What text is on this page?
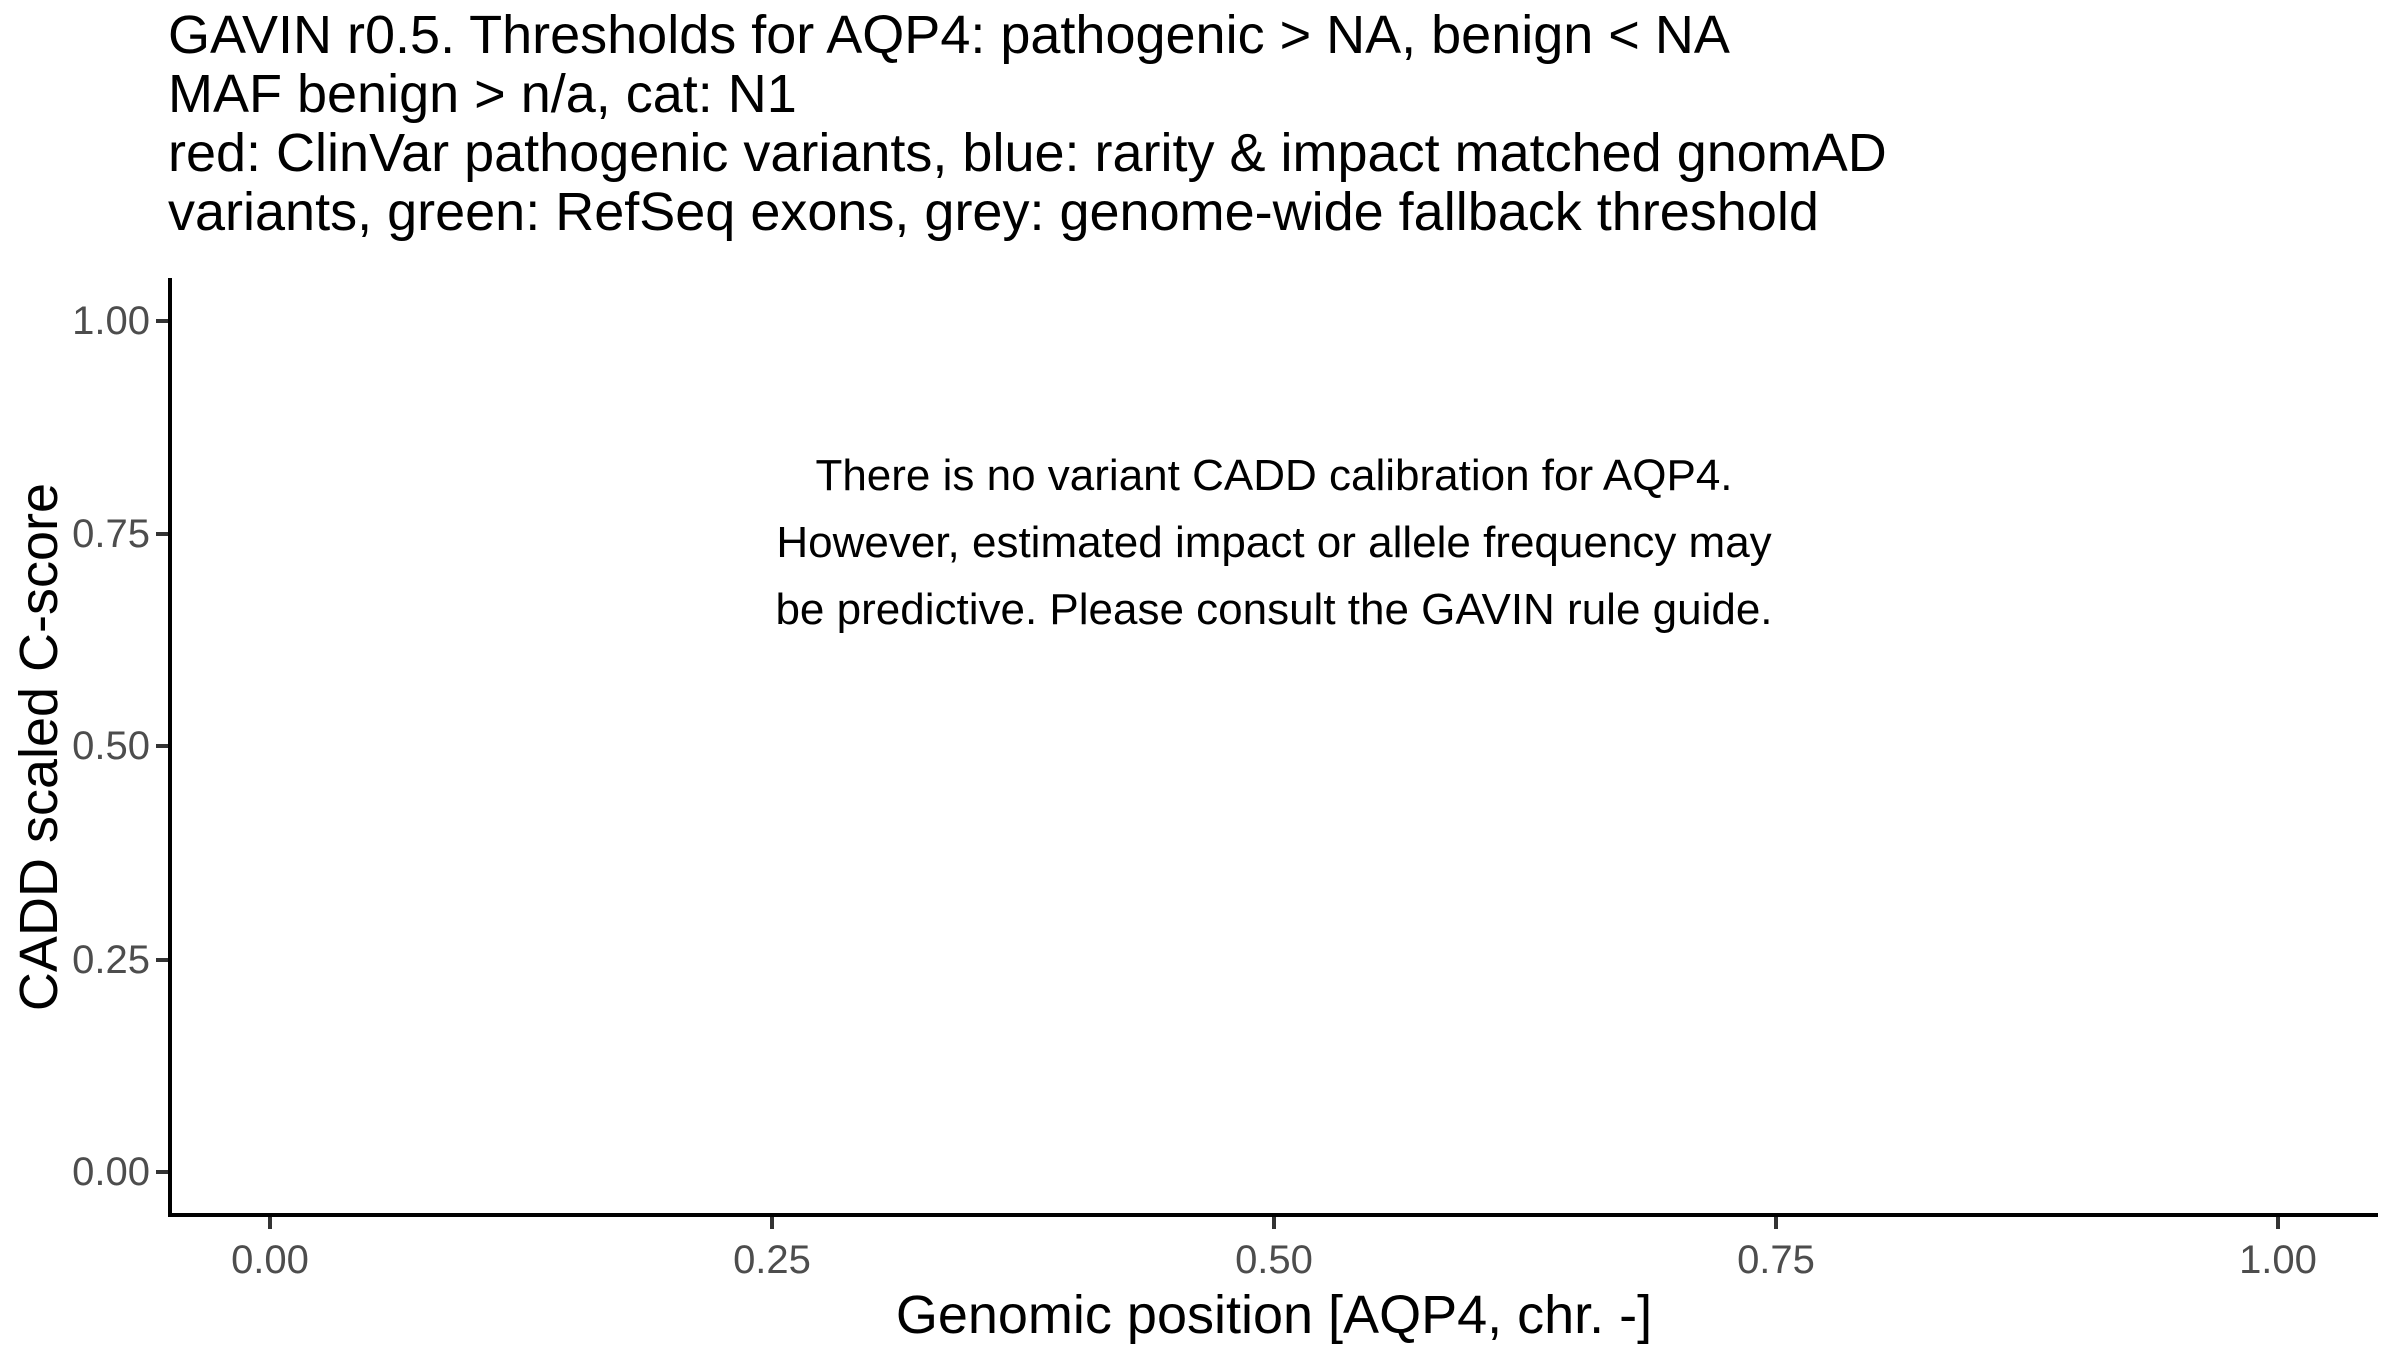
GAVIN r0.5. Thresholds for AQP4: pathogenic > NA, benign < NA
MAF benign > n/a, cat: N1
red: ClinVar pathogenic variants, blue: rarity & impact matched gnomAD
variants, green: RefSeq exons, grey: genome-wide fallback threshold
There is no variant CADD calibration for AQP4.
However, estimated impact or allele frequency may
be predictive. Please consult the GAVIN rule guide.
1.00
0.75
0.50
0.25
0.00
0.00	0.25	0.50	0.75	1.00
Genomic position [AQP4, chr. -]
CADD scaled C-score
